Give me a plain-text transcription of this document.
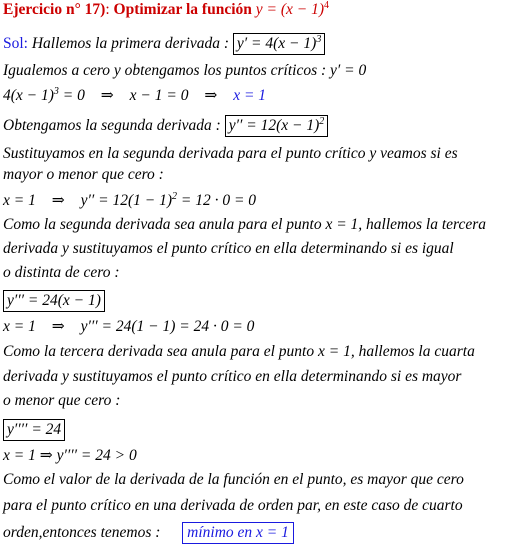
Ejercicio n° 17): Optimizar la función $y = (x - 1)^4$
Sol: Hallemos la primera derivada : $y' = 4(x - 1)^3$
Igualemos a cero y obtengamos los puntos críticos : y′ = 0
$4(x - 1)^3 = 0$ ⇒ x − 1 = 0 ⇒ x = 1
Obtengamos la segunda derivada : $y'' = 12(x - 1)^2$
Sustituyamos en la segunda derivada para el punto crítico y veamos si es
mayor o menor que cero :
x = 1 ⇒ $y'' = 12(1 - 1)^2 = 12 \cdot 0 = 0$
Como la segunda derivada sea anula para el punto x = 1, hallemos la tercera
derivada y sustituyamos el punto crítico en ella determinando si es igual
o distinta de cero :
y′′′ = 24(x − 1)
x = 1 ⇒ y′′′ = 24(1 − 1) = 24 · 0 = 0
Como la tercera derivada sea anula para el punto x = 1, hallemos la cuarta
derivada y sustituyamos el punto crítico en ella determinando si es mayor
o menor que cero :
y′′′′ = 24
x = 1 ⇒ y′′′′ = 24 > 0
Como el valor de la derivada de la función en el punto, es mayor que cero
para el punto crítico en una derivada de orden par, en este caso de cuarto
orden,entonces tenemos : mínimo en x = 1
